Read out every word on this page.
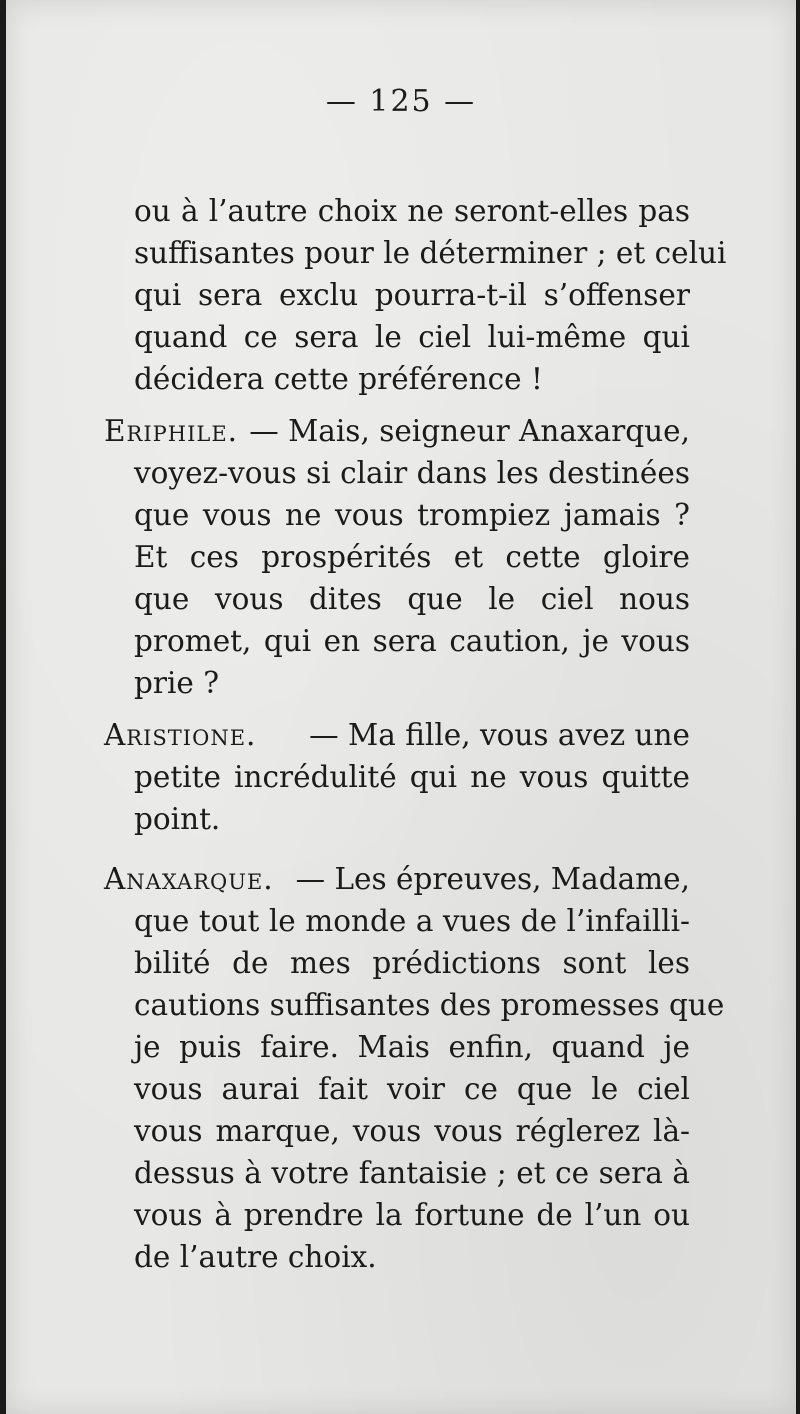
— 125 —
ou à l’autre choix ne seront-elles pas
suffisantes pour le déterminer ; et celui
qui sera exclu pourra-t-il s’offenser
quand ce sera le ciel lui-même qui
décidera cette préférence !
Eriphile. — Mais, seigneur Anaxarque,
voyez-vous si clair dans les destinées
que vous ne vous trompiez jamais ?
Et ces prospérités et cette gloire
que vous dites que le ciel nous
promet, qui en sera caution, je vous
prie ?
Aristione. — Ma fille, vous avez une
petite incrédulité qui ne vous quitte
point.
Anaxarque. — Les épreuves, Madame,
que tout le monde a vues de l’infailli-
bilité de mes prédictions sont les
cautions suffisantes des promesses que
je puis faire. Mais enfin, quand je
vous aurai fait voir ce que le ciel
vous marque, vous vous réglerez là-
dessus à votre fantaisie ; et ce sera à
vous à prendre la fortune de l’un ou
de l’autre choix.
